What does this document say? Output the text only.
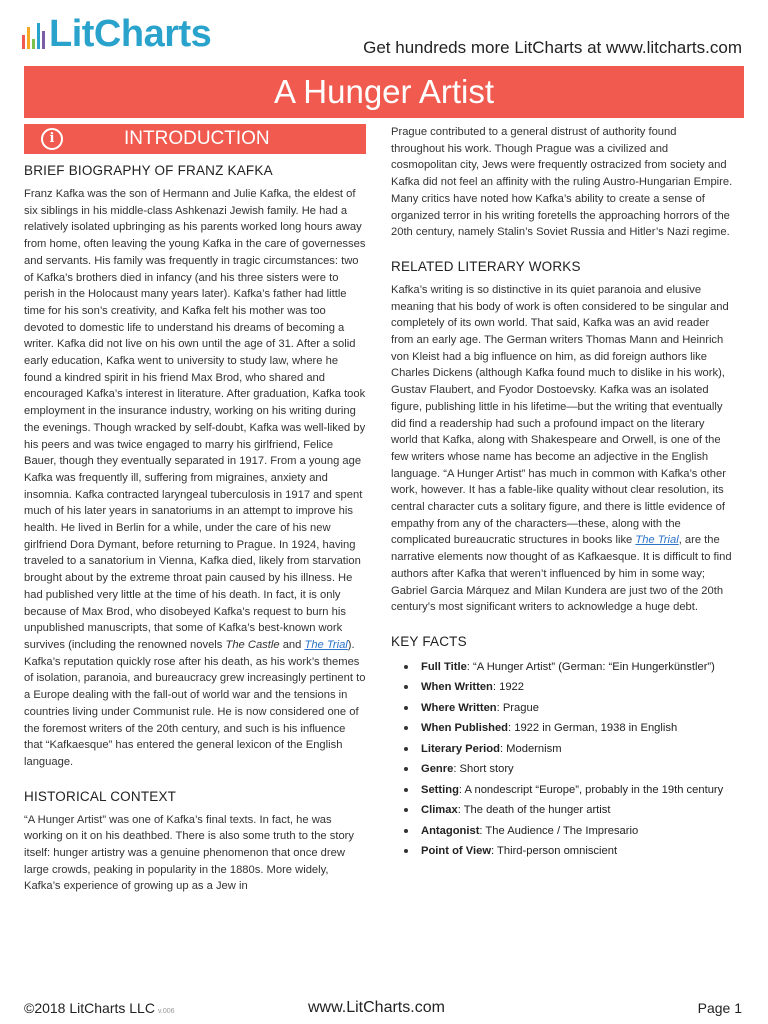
LitCharts	Get hundreds more LitCharts at www.litcharts.com
A Hunger Artist
i	INTRODUCTION
BRIEF BIOGRAPHY OF FRANZ KAFKA

Franz Kafka was the son of Hermann and Julie Kafka, the eldest of six siblings in his middle-class Ashkenazi Jewish family. He had a relatively isolated upbringing as his parents worked long hours away from home, often leaving the young Kafka in the care of governesses and servants. His family was frequently in tragic circumstances: two of Kafka’s brothers died in infancy (and his three sisters were to perish in the Holocaust many years later). Kafka’s father had little time for his son’s creativity, and Kafka felt his mother was too devoted to domestic life to understand his dreams of becoming a writer. Kafka did not live on his own until the age of 31. After a solid early education, Kafka went to university to study law, where he found a kindred spirit in his friend Max Brod, who shared and encouraged Kafka’s interest in literature. After graduation, Kafka took employment in the insurance industry, working on his writing during the evenings. Though wracked by self-doubt, Kafka was well-liked by his peers and was twice engaged to marry his girlfriend, Felice Bauer, though they eventually separated in 1917. From a young age Kafka was frequently ill, suffering from migraines, anxiety and insomnia. Kafka contracted laryngeal tuberculosis in 1917 and spent much of his later years in sanatoriums in an attempt to improve his health. He lived in Berlin for a while, under the care of his new girlfriend Dora Dymant, before returning to Prague. In 1924, having traveled to a sanatorium in Vienna, Kafka died, likely from starvation brought about by the extreme throat pain caused by his illness. He had published very little at the time of his death. In fact, it is only because of Max Brod, who disobeyed Kafka’s request to burn his unpublished manuscripts, that some of Kafka’s best-known work survives (including the renowned novels The Castle and The Trial). Kafka’s reputation quickly rose after his death, as his work’s themes of isolation, paranoia, and bureaucracy grew increasingly pertinent to a Europe dealing with the fall-out of world war and the tensions in countries living under Communist rule. He is now considered one of the foremost writers of the 20th century, and such is his influence that “Kafkaesque” has entered the general lexicon of the English language.

HISTORICAL CONTEXT

“A Hunger Artist” was one of Kafka’s final texts. In fact, he was working on it on his deathbed. There is also some truth to the story itself: hunger artistry was a genuine phenomenon that once drew large crowds, peaking in popularity in the 1880s. More widely, Kafka’s experience of growing up as a Jew in

Prague contributed to a general distrust of authority found throughout his work. Though Prague was a civilized and cosmopolitan city, Jews were frequently ostracized from society and Kafka did not feel an affinity with the ruling Austro-Hungarian Empire. Many critics have noted how Kafka’s ability to create a sense of organized terror in his writing foretells the approaching horrors of the 20th century, namely Stalin’s Soviet Russia and Hitler’s Nazi regime.

RELATED LITERARY WORKS

Kafka’s writing is so distinctive in its quiet paranoia and elusive meaning that his body of work is often considered to be singular and completely of its own world. That said, Kafka was an avid reader from an early age. The German writers Thomas Mann and Heinrich von Kleist had a big influence on him, as did foreign authors like Charles Dickens (although Kafka found much to dislike in his work), Gustav Flaubert, and Fyodor Dostoevsky. Kafka was an isolated figure, publishing little in his lifetime—but the writing that eventually did find a readership had such a profound impact on the literary world that Kafka, along with Shakespeare and Orwell, is one of the few writers whose name has become an adjective in the English language. “A Hunger Artist” has much in common with Kafka’s other work, however. It has a fable-like quality without clear resolution, its central character cuts a solitary figure, and there is little evidence of empathy from any of the characters—these, along with the complicated bureaucratic structures in books like The Trial, are the narrative elements now thought of as Kafkaesque. It is difficult to find authors after Kafka that weren’t influenced by him in some way; Gabriel Garcia Márquez and Milan Kundera are just two of the 20th century’s most significant writers to acknowledge a huge debt.

KEY FACTS
Full Title: “A Hunger Artist” (German: “Ein Hungerkünstler”)
When Written: 1922
Where Written: Prague
When Published: 1922 in German, 1938 in English
Literary Period: Modernism
Genre: Short story
Setting: A nondescript “Europe”, probably in the 19th century
Climax: The death of the hunger artist
Antagonist: The Audience / The Impresario
Point of View: Third-person omniscient
©2018 LitCharts LLC v.006	www.LitCharts.com	Page 1
